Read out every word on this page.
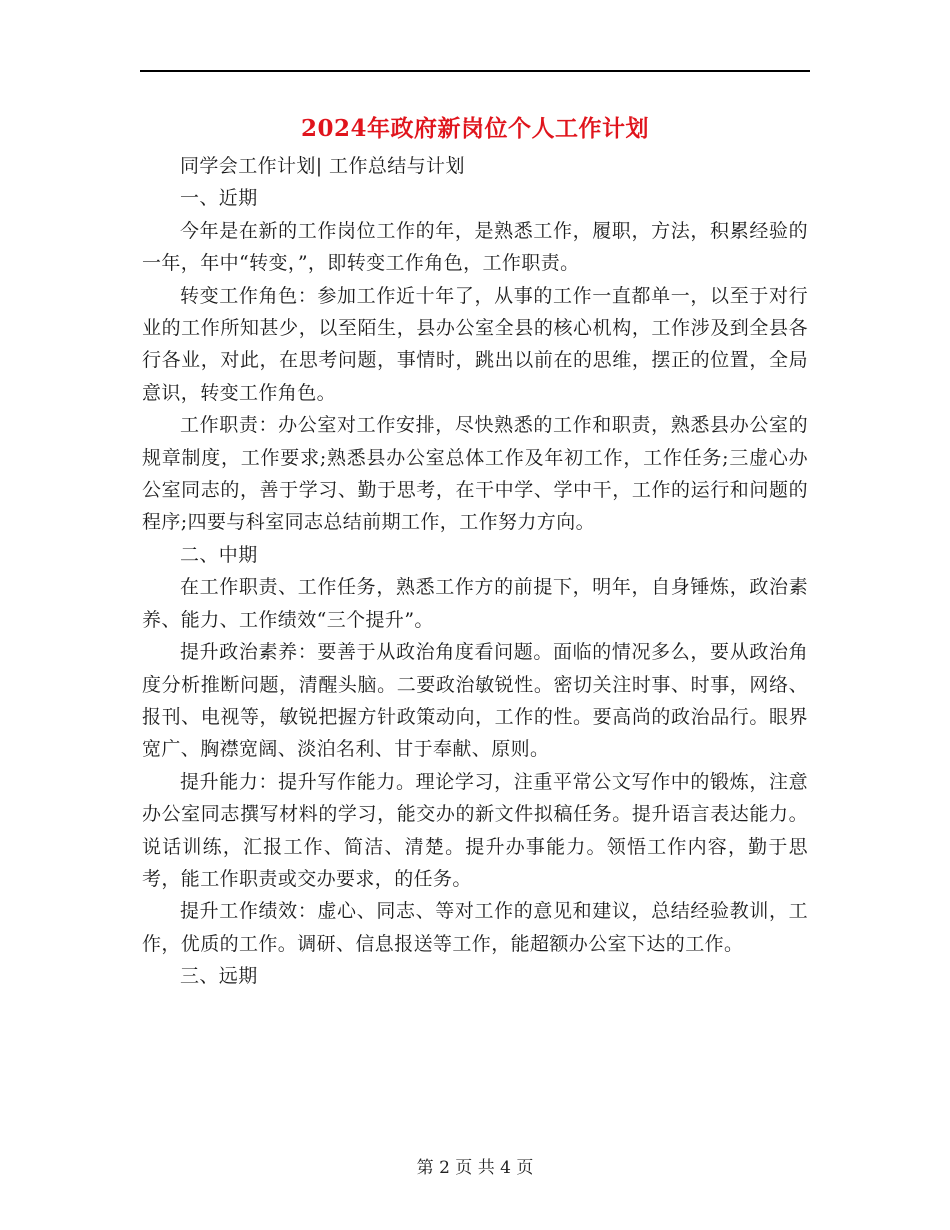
2024年政府新岗位个人工作计划

同学会工作计划| 工作总结与计划

一、近期

今年是在新的工作岗位工作的年，是熟悉工作，履职，方法，积累经验的一年，年中“转变，”，即转变工作角色，工作职责。

转变工作角色：参加工作近十年了，从事的工作一直都单一，以至于对行业的工作所知甚少，以至陌生，县办公室全县的核心机构，工作涉及到全县各行各业，对此，在思考问题，事情时，跳出以前在的思维，摆正的位置，全局意识，转变工作角色。

工作职责：办公室对工作安排，尽快熟悉的工作和职责，熟悉县办公室的规章制度，工作要求;熟悉县办公室总体工作及年初工作，工作任务;三虚心办公室同志的，善于学习、勤于思考，在干中学、学中干，工作的运行和问题的程序;四要与科室同志总结前期工作，工作努力方向。

二、中期

在工作职责、工作任务，熟悉工作方的前提下，明年，自身锤炼，政治素养、能力、工作绩效“三个提升”。

提升政治素养：要善于从政治角度看问题。面临的情况多么，要从政治角度分析推断问题，清醒头脑。二要政治敏锐性。密切关注时事、时事，网络、报刊、电视等，敏锐把握方针政策动向，工作的性。要高尚的政治品行。眼界宽广、胸襟宽阔、淡泊名利、甘于奉献、原则。

提升能力：提升写作能力。理论学习，注重平常公文写作中的锻炼，注意办公室同志撰写材料的学习，能交办的新文件拟稿任务。提升语言表达能力。说话训练，汇报工作、简洁、清楚。提升办事能力。领悟工作内容，勤于思考，能工作职责或交办要求，的任务。

提升工作绩效：虚心、同志、等对工作的意见和建议，总结经验教训，工作，优质的工作。调研、信息报送等工作，能超额办公室下达的工作。

三、远期

第 2 页 共 4 页
